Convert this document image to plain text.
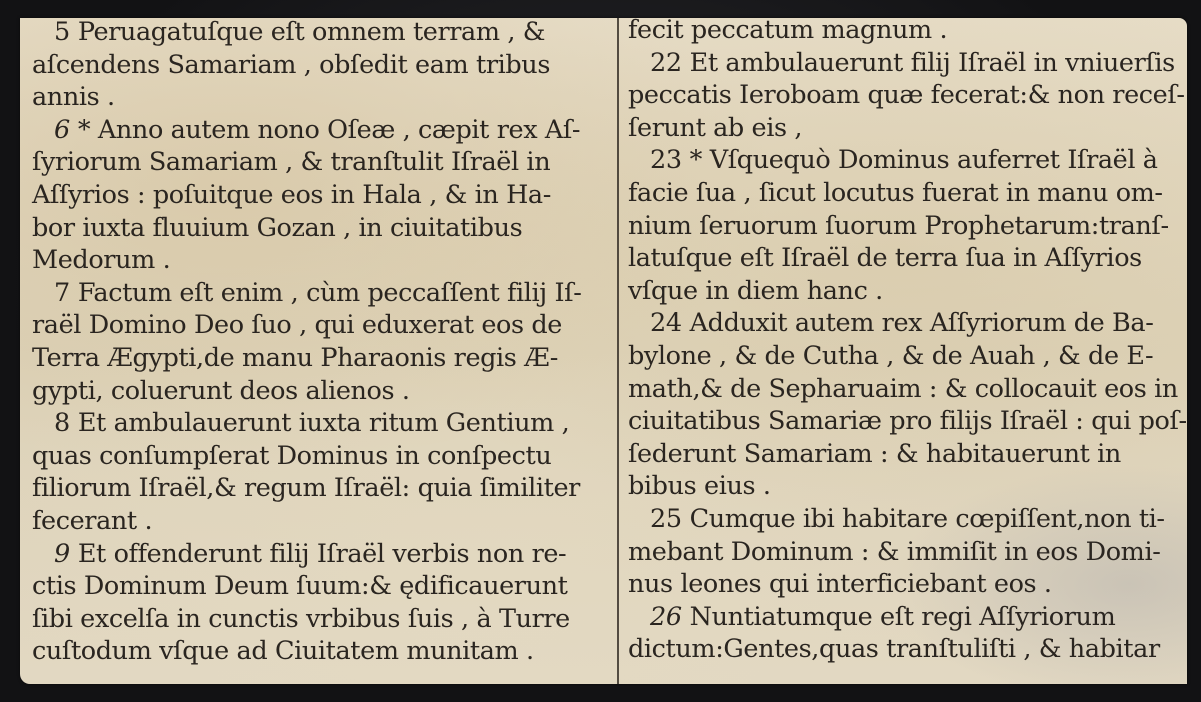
5 Peruagatuſque eſt omnem terram , &
aſcendens Samariam , obſedit eam tribus
annis .
6 * Anno autem nono Oſeæ , cæpit rex Aſ-
ſyriorum Samariam , & tranſtulit Iſraël in
Aſſyrios : poſuitque eos in Hala , & in Ha-
bor iuxta fluuium Gozan , in ciuitatibus
Medorum .
7 Factum eſt enim , cùm peccaſſent filij Iſ-
raël Domino Deo ſuo , qui eduxerat eos de
Terra Ægypti,de manu Pharaonis regis Æ-
gypti, coluerunt deos alienos .
8 Et ambulauerunt iuxta ritum Gentium ,
quas conſumpſerat Dominus in conſpectu
filiorum Iſraël,& regum Iſraël: quia ſimiliter
fecerant .
9 Et offenderunt filij Iſraël verbis non re-
ctis Dominum Deum ſuum:& ędificauerunt
ſibi excelſa in cunctis vrbibus ſuis , à Turre
cuſtodum vſque ad Ciuitatem munitam .
fecit peccatum magnum .
22 Et ambulauerunt filij Iſraël in vniuerſis
peccatis Ieroboam quæ fecerat:& non receſ-
ſerunt ab eis ,
23 * Vſquequò Dominus auferret Iſraël à
facie ſua , ſicut locutus fuerat in manu om-
nium ſeruorum ſuorum Prophetarum:tranſ-
latuſque eſt Iſraël de terra ſua in Aſſyrios
vſque in diem hanc .
24 Adduxit autem rex Aſſyriorum de Ba-
bylone , & de Cutha , & de Auah , & de E-
math,& de Sepharuaim : & collocauit eos in
ciuitatibus Samariæ pro filijs Iſraël : qui poſ-
ſederunt Samariam : & habitauerunt in
bibus eius .
25 Cumque ibi habitare cœpiſſent,non ti-
mebant Dominum : & immiſit in eos Domi-
nus leones qui interficiebant eos .
26 Nuntiatumque eſt regi Aſſyriorum
dictum:Gentes,quas tranſtuliſti , & habitar
